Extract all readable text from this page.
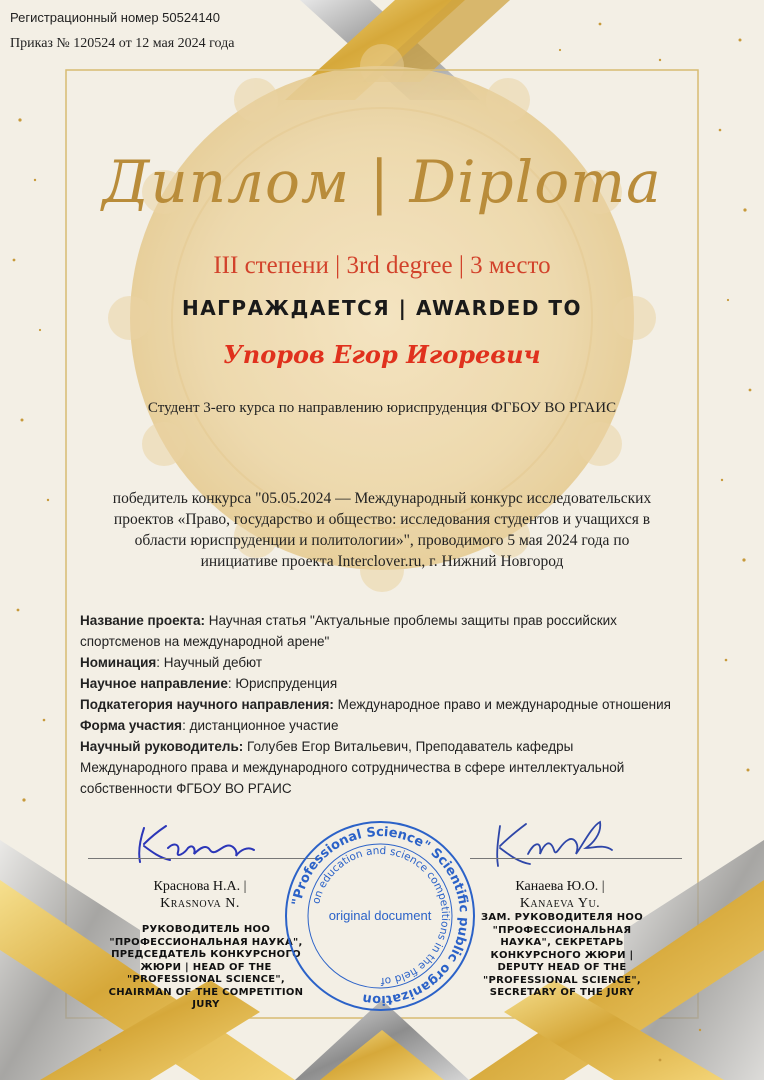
Регистрационный номер 50524140
Приказ № 120524 от 12 мая 2024 года
Диплом | Diploma
III степени | 3rd degree | 3 место
НАГРАЖДАЕТСЯ | AWARDED TO
Упоров Егор Игоревич
Студент 3-его курса по направлению юриспруденция ФГБОУ ВО РГАИС
победитель конкурса "05.05.2024 — Международный конкурс исследовательских проектов «Право, государство и общество: исследования студентов и учащихся в области юриспруденции и политологии»", проводимого 5 мая 2024 года по инициативе проекта Interclover.ru, г. Нижний Новгород

Название проекта: Научная статья "Актуальные проблемы защиты прав российских спортсменов на международной арене"

Номинация: Научный дебют

Научное направление: Юриспруденция

Подкатегория научного направления: Международное право и международные отношения

Форма участия: дистанционное участие

Научный руководитель: Голубев Егор Витальевич, Преподаватель кафедры Международного права и международного сотрудничества в сфере интеллектуальной собственности ФГБОУ ВО РГАИС

Краснова Н.А. |
Krasnova N.
РУКОВОДИТЕЛЬ НОО "ПРОФЕССИОНАЛЬНАЯ НАУКА", ПРЕДСЕДАТЕЛЬ КОНКУРСНОГО ЖЮРИ | HEAD OF THE "PROFESSIONAL SCIENCE", CHAIRMAN OF THE COMPETITION JURY
Канаева Ю.О. |
Kanaeva Yu.
ЗАМ. РУКОВОДИТЕЛЯ НОО "ПРОФЕССИОНАЛЬНАЯ НАУКА", СЕКРЕТАРЬ КОНКУРСНОГО ЖЮРИ | DEPUTY HEAD OF THE "PROFESSIONAL SCIENCE", SECRETARY OF THE JURY
"Professional Science" Scientific public organization
on education and science competitions in the field of
original document
